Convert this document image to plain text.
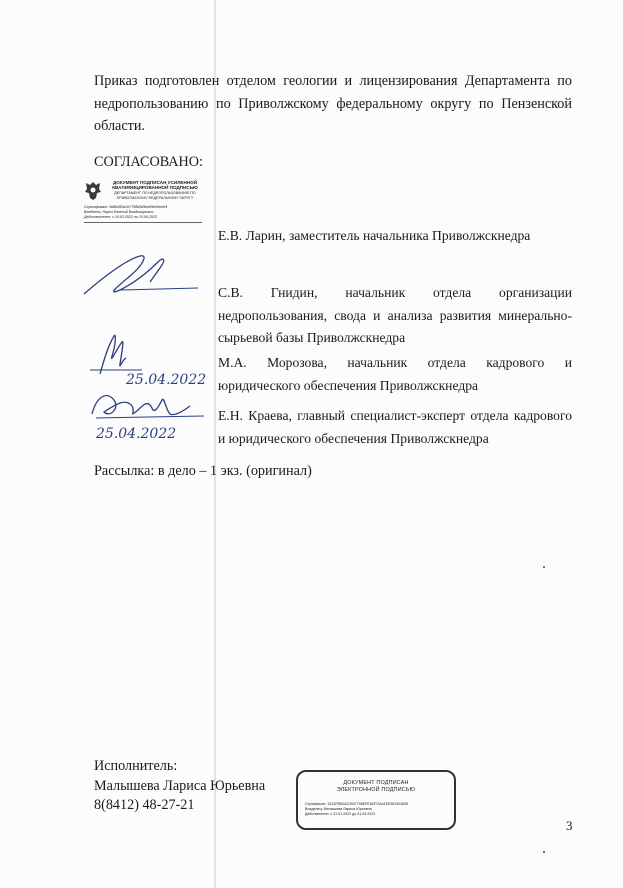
Приказ подготовлен отделом геологии и лицензирования Департамента по недропользованию по Приволжскому федеральному округу по Пензенской области.
СОГЛАСОВАНО:
ДОКУМЕНТ ПОДПИСАН УСИЛЕННОЙ КВАЛИФИЦИРОВАННОЙ ПОДПИСЬЮ
ДЕПАРТАМЕНТ ПО НЕДРОПОЛЬЗОВАНИЮ ПО ПРИВОЛЖСКОМУ ФЕДЕРАЛЬНОМУ ОКРУГУ
Сертификат: 5d8b080a3e7798b5d5be89d3ebe84
Владелец: Ларин Евгений Владимирович
Действителен: с 24.03.2022 по 15.06.2023
Е.В. Ларин, заместитель начальника Приволжскнедра
С.В. Гнидин, начальник отдела организации недропользования, свода и анализа развития минерально-сырьевой базы Приволжскнедра
М.А. Морозова, начальник отдела кадрового и юридического обеспечения Приволжскнедра
Е.Н. Краева, главный специалист-эксперт отдела кадрового и юридического обеспечения Приволжскнедра
25.04.2022
25.04.2022
Рассылка: в дело – 1 экз. (оригинал)
Исполнитель:
Малышева Лариса Юрьевна
8(8412) 48-27-21
ДОКУМЕНТ ПОДПИСАН
ЭЛЕКТРОННОЙ ПОДПИСЬЮ
Сертификат: 1512FB50421ЕВ7798ЕFЕ6СРОА41ЕЕ5Е2616DВ
Владелец: Малышева Лариса Юрьевна
Действителен: с 31.01.2022 до 31.05.2023
3
